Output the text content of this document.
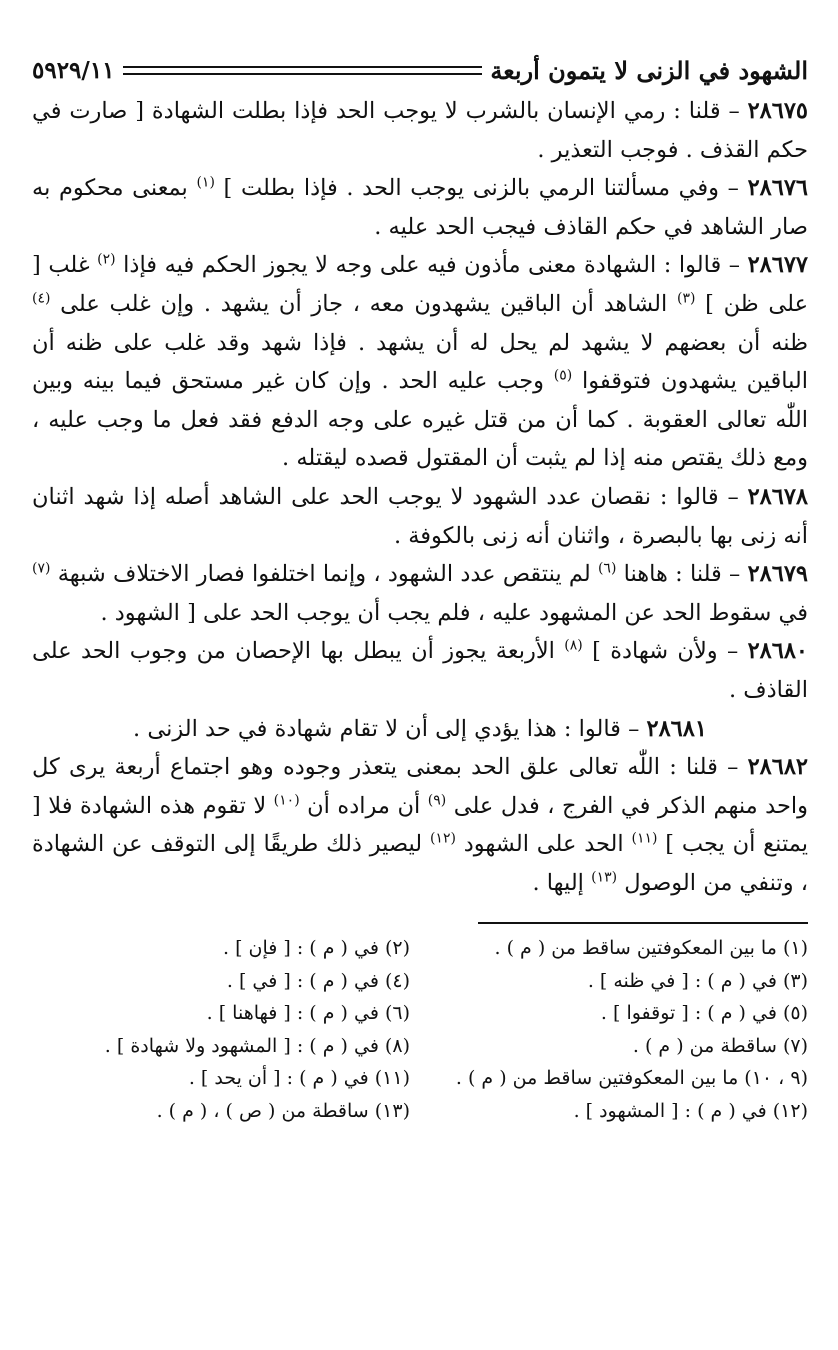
الشهود في الزنى لا يتمون أربعة
٥٩٢٩/١١

٢٨٦٧٥ – قلنا : رمي الإنسان بالشرب لا يوجب الحد فإذا بطلت الشهادة [ صارت في حكم القذف . فوجب التعذير .

٢٨٦٧٦ – وفي مسألتنا الرمي بالزنى يوجب الحد . فإذا بطلت ] $^{(١)}$ بمعنى محكوم به صار الشاهد في حكم القاذف فيجب الحد عليه .

٢٨٦٧٧ – قالوا : الشهادة معنى مأذون فيه على وجه لا يجوز الحكم فيه فإذا $^{(٢)}$ غلب [ على ظن ] $^{(٣)}$ الشاهد أن الباقين يشهدون معه ، جاز أن يشهد . وإن غلب على $^{(٤)}$ ظنه أن بعضهم لا يشهد لم يحل له أن يشهد . فإذا شهد وقد غلب على ظنه أن الباقين يشهدون فتوقفوا $^{(٥)}$ وجب عليه الحد . وإن كان غير مستحق فيما بينه وبين اللّٰه تعالى العقوبة . كما أن من قتل غيره على وجه الدفع فقد فعل ما وجب عليه ، ومع ذلك يقتص منه إذا لم يثبت أن المقتول قصده ليقتله .

٢٨٦٧٨ – قالوا : نقصان عدد الشهود لا يوجب الحد على الشاهد أصله إذا شهد اثنان أنه زنى بها بالبصرة ، واثنان أنه زنى بالكوفة .

٢٨٦٧٩ – قلنا : هاهنا $^{(٦)}$ لم ينتقص عدد الشهود ، وإنما اختلفوا فصار الاختلاف شبهة $^{(٧)}$ في سقوط الحد عن المشهود عليه ، فلم يجب أن يوجب الحد على [ الشهود .

٢٨٦٨٠ – ولأن شهادة ] $^{(٨)}$ الأربعة يجوز أن يبطل بها الإحصان من وجوب الحد على القاذف .

٢٨٦٨١ – قالوا : هذا يؤدي إلى أن لا تقام شهادة في حد الزنى .

٢٨٦٨٢ – قلنا : اللّٰه تعالى علق الحد بمعنى يتعذر وجوده وهو اجتماع أربعة يرى كل واحد منهم الذكر في الفرج ، فدل على $^{(٩)}$ أن مراده أن $^{(١٠)}$ لا تقوم هذه الشهادة فلا [ يمتنع أن يجب ] $^{(١١)}$ الحد على الشهود $^{(١٢)}$ ليصير ذلك طريقًا إلى التوقف عن الشهادة ، وتنفي من الوصول $^{(١٣)}$ إليها .

(١) ما بين المعكوفتين ساقط من ( م ) .
(٢) في ( م ) : [ فإن ] .
(٣) في ( م ) : [ في ظنه ] .
(٤) في ( م ) : [ في ] .
(٥) في ( م ) : [ توقفوا ] .
(٦) في ( م ) : [ فهاهنا ] .
(٧) ساقطة من ( م ) .
(٨) في ( م ) : [ المشهود ولا شهادة ] .
(٩ ، ١٠) ما بين المعكوفتين ساقط من ( م ) .
(١١) في ( م ) : [ أن يحد ] .
(١٢) في ( م ) : [ المشهود ] .
(١٣) ساقطة من ( ص ) ، ( م ) .
